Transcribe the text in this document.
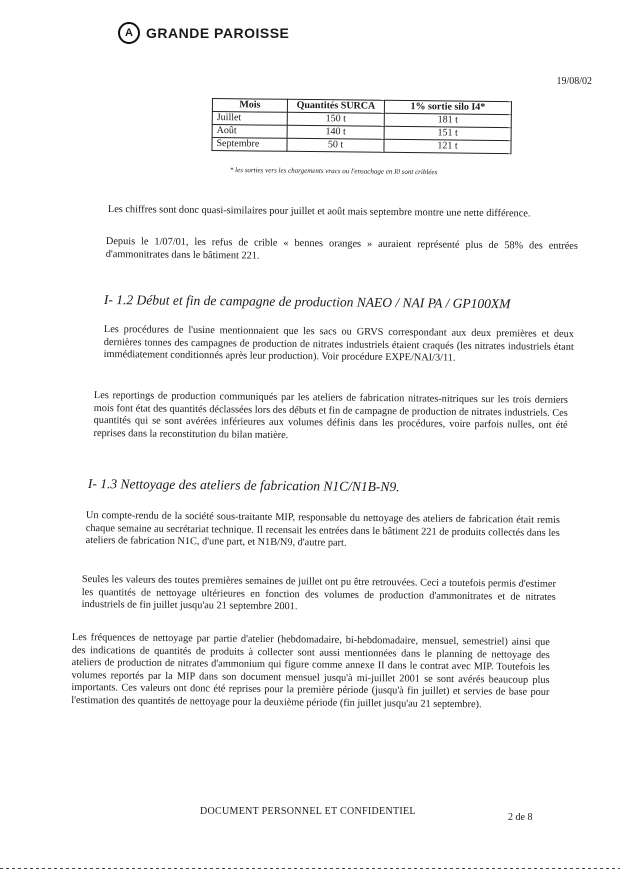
A GRANDE PAROISSE
19/08/02
Mois	Quantités SURCA	1% sortie silo I4*
Juillet	150 t	181 t
Août	140 t	151 t
Septembre	50 t	121 t
* les sorties vers les chargements vracs ou l'ensachage en I0 sont criblées

Les chiffres sont donc quasi-similaires pour juillet et août mais septembre montre une nette différence.

Depuis le 1/07/01, les refus de crible « bennes oranges » auraient représenté plus de 58% des entrées d'ammonitrates dans le bâtiment 221.

I- 1.2 Début et fin de campagne de production NAEO / NAI PA / GP100XM

Les procédures de l'usine mentionnaient que les sacs ou GRVS correspondant aux deux premières et deux dernières tonnes des campagnes de production de nitrates industriels étaient craqués (les nitrates industriels étant immédiatement conditionnés après leur production). Voir procédure EXPE/NAI/3/11.

Les reportings de production communiqués par les ateliers de fabrication nitrates-nitriques sur les trois derniers mois font état des quantités déclassées lors des débuts et fin de campagne de production de nitrates industriels. Ces quantités qui se sont avérées inférieures aux volumes définis dans les procédures, voire parfois nulles, ont été reprises dans la reconstitution du bilan matière.

I- 1.3 Nettoyage des ateliers de fabrication N1C/N1B-N9.

Un compte-rendu de la société sous-traitante MIP, responsable du nettoyage des ateliers de fabrication était remis chaque semaine au secrétariat technique. Il recensait les entrées dans le bâtiment 221 de produits collectés dans les ateliers de fabrication N1C, d'une part, et N1B/N9, d'autre part.

Seules les valeurs des toutes premières semaines de juillet ont pu être retrouvées. Ceci a toutefois permis d'estimer les quantités de nettoyage ultérieures en fonction des volumes de production d'ammonitrates et de nitrates industriels de fin juillet jusqu'au 21 septembre 2001.

Les fréquences de nettoyage par partie d'atelier (hebdomadaire, bi-hebdomadaire, mensuel, semestriel) ainsi que des indications de quantités de produits à collecter sont aussi mentionnées dans le planning de nettoyage des ateliers de production de nitrates d'ammonium qui figure comme annexe II dans le contrat avec MIP. Toutefois les volumes reportés par la MIP dans son document mensuel jusqu'à mi-juillet 2001 se sont avérés beaucoup plus importants. Ces valeurs ont donc été reprises pour la première période (jusqu'à fin juillet) et servies de base pour l'estimation des quantités de nettoyage pour la deuxième période (fin juillet jusqu'au 21 septembre).

DOCUMENT PERSONNEL ET CONFIDENTIEL
2 de 8
